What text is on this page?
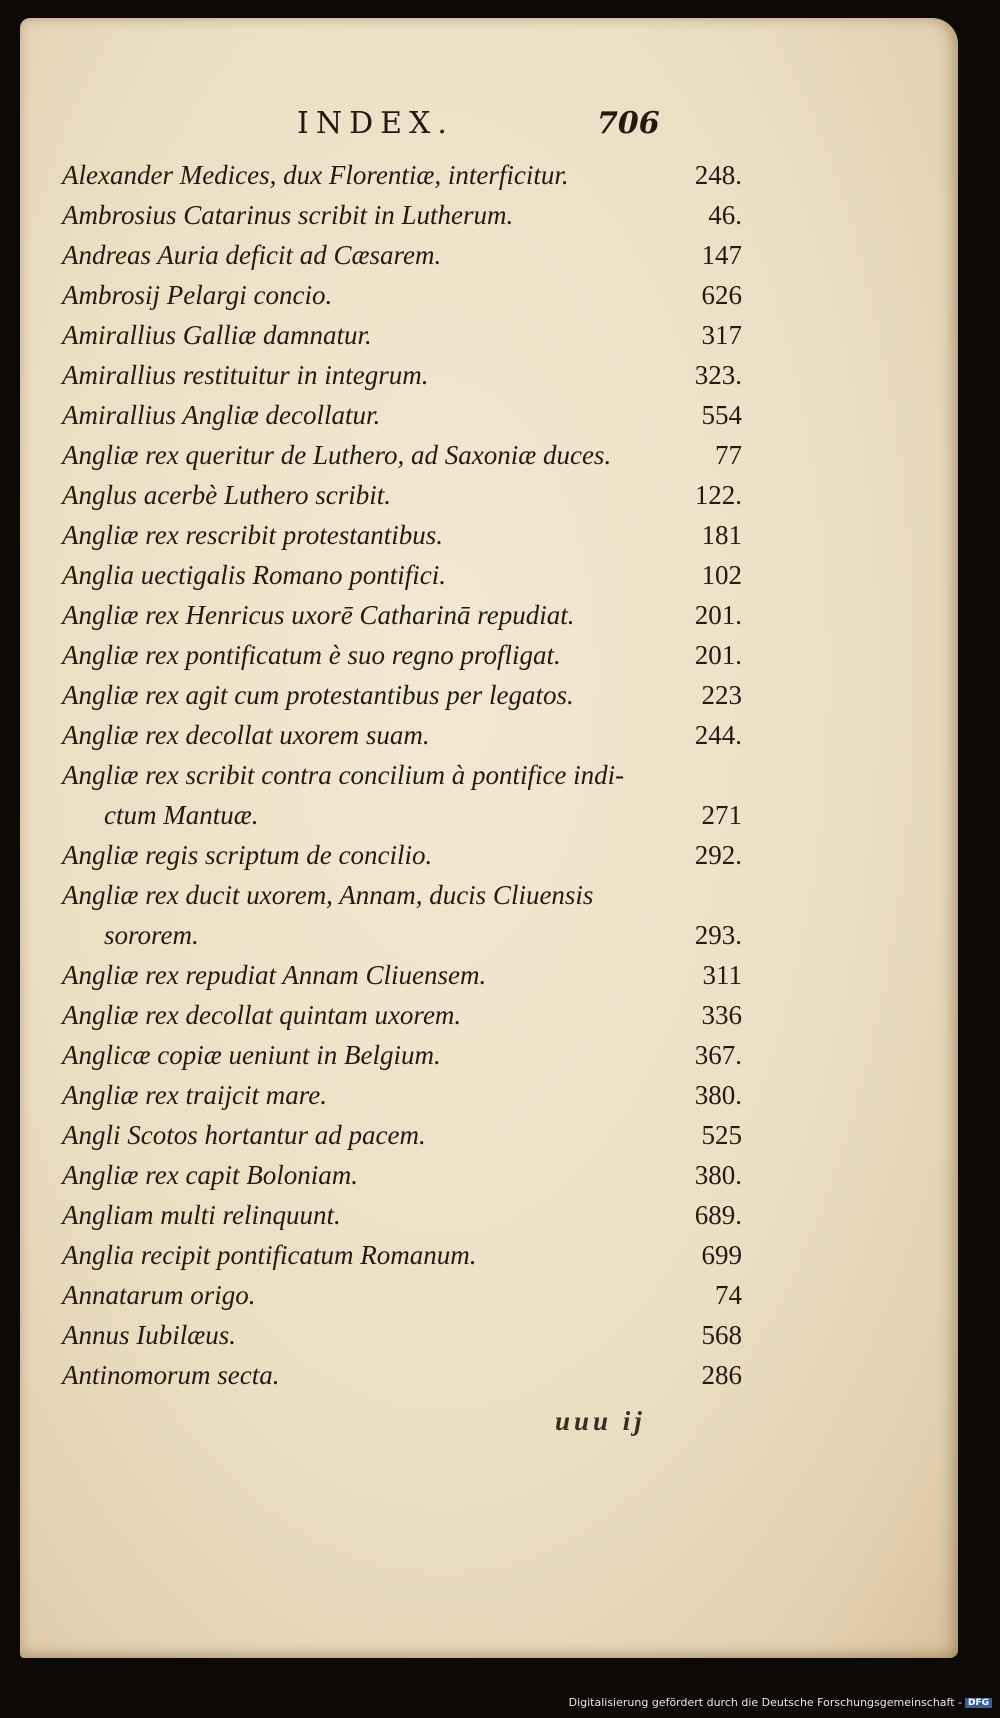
INDEX.	706
Alexander Medices, dux Florentiæ, interficitur.	248.
Ambrosius Catarinus scribit in Lutherum.	46.
Andreas Auria deficit ad Cæsarem.	147
Ambrosij Pelargi concio.	626
Amirallius Galliæ damnatur.	317
Amirallius restituitur in integrum.	323.
Amirallius Angliæ decollatur.	554
Angliæ rex queritur de Luthero, ad Saxoniæ duces.	77
Anglus acerbè Luthero scribit.	122.
Angliæ rex rescribit protestantibus.	181
Anglia uectigalis Romano pontifici.	102
Angliæ rex Henricus uxorē Catharinā repudiat.	201.
Angliæ rex pontificatum è suo regno profligat.	201.
Angliæ rex agit cum protestantibus per legatos.	223
Angliæ rex decollat uxorem suam.	244.
Angliæ rex scribit contra concilium à pontifice indi-
ctum Mantuæ.	271
Angliæ regis scriptum de concilio.	292.
Angliæ rex ducit uxorem, Annam, ducis Cliuensis
sororem.	293.
Angliæ rex repudiat Annam Cliuensem.	311
Angliæ rex decollat quintam uxorem.	336
Anglicæ copiæ ueniunt in Belgium.	367.
Angliæ rex traijcit mare.	380.
Angli Scotos hortantur ad pacem.	525
Angliæ rex capit Boloniam.	380.
Angliam multi relinquunt.	689.
Anglia recipit pontificatum Romanum.	699
Annatarum origo.	74
Annus Iubilæus.	568
Antinomorum secta.	286
uuu ij
Digitalisierung gefördert durch die Deutsche Forschungsgemeinschaft - DFG
